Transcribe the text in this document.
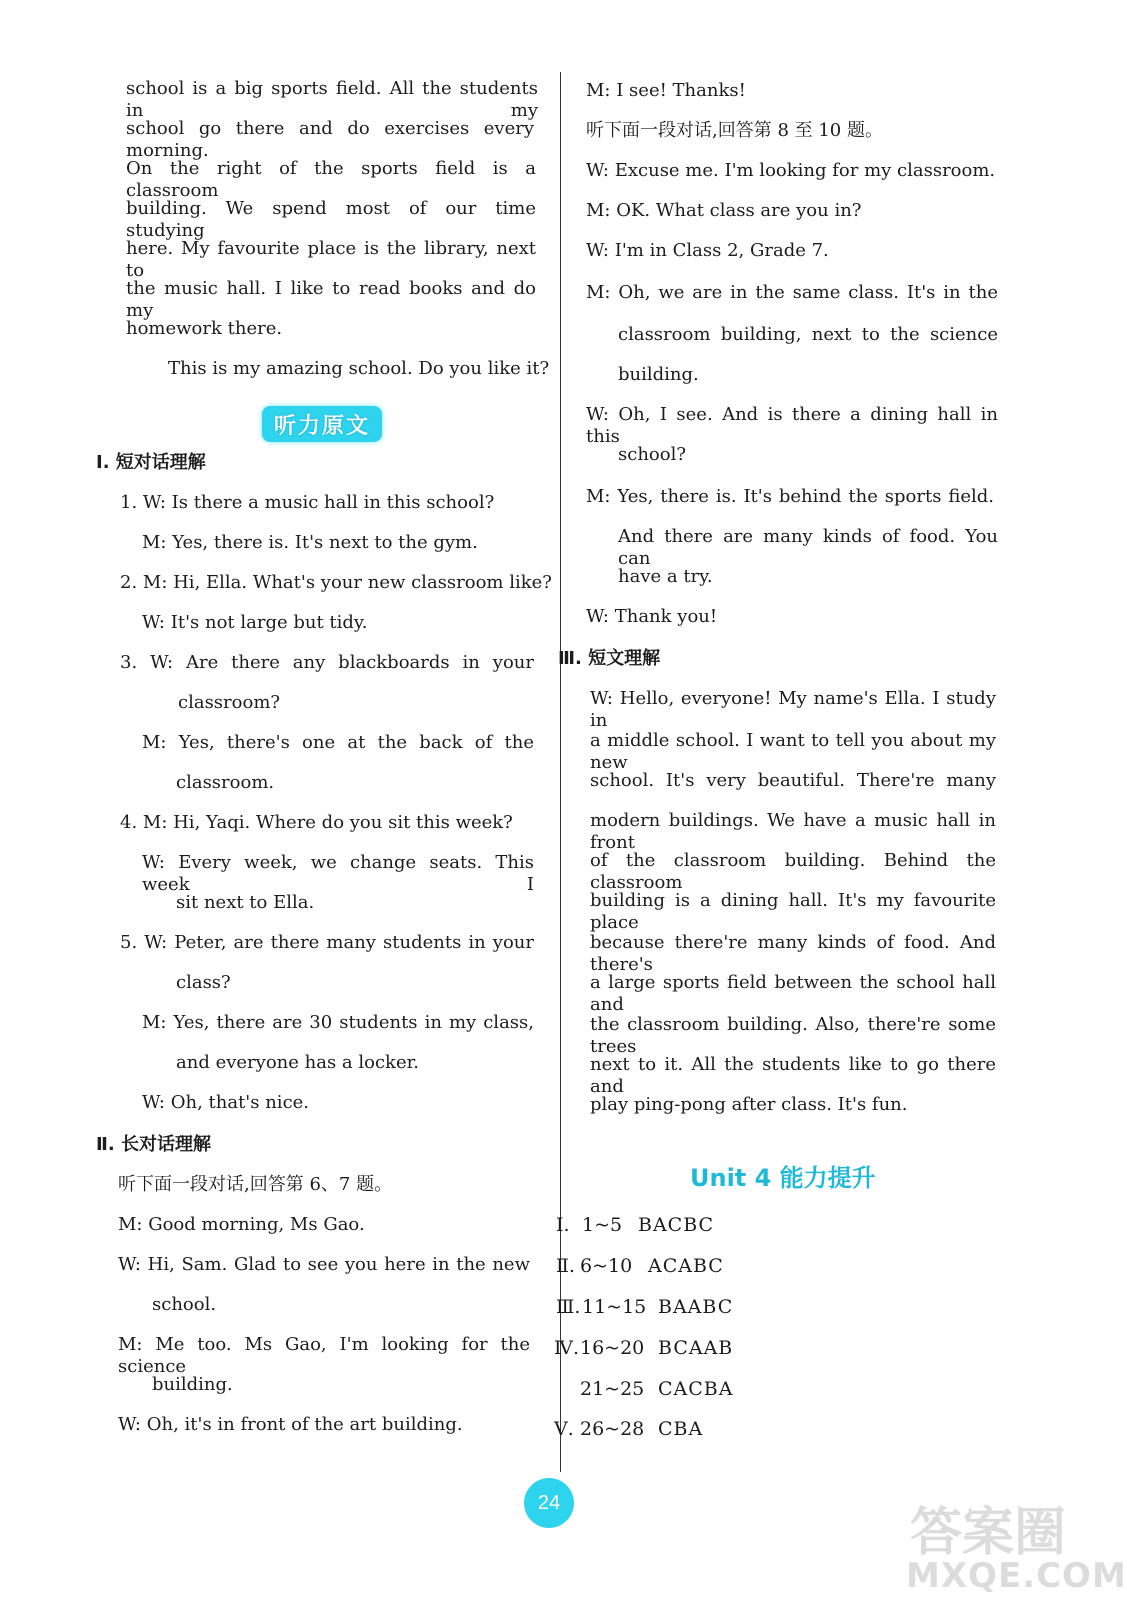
school is a big sports field. All the students in my
school go there and do exercises every morning.
On the right of the sports field is a classroom
building. We spend most of our time studying
here. My favourite place is the library, next to
the music hall. I like to read books and do my
homework there.
This is my amazing school. Do you like it?
听力原文
Ⅰ. 短对话理解
1. W: Is there a music hall in this school?
M: Yes, there is. It's next to the gym.
2. M: Hi, Ella. What's your new classroom like?
W: It's not large but tidy.
3. W: Are there any blackboards in your
classroom?
M: Yes, there's one at the back of the
classroom.
4. M: Hi, Yaqi. Where do you sit this week?
W: Every week, we change seats. This week I
sit next to Ella.
5. W: Peter, are there many students in your
class?
M: Yes, there are 30 students in my class,
and everyone has a locker.
W: Oh, that's nice.
Ⅱ. 长对话理解
听下面一段对话,回答第 6、7 题。
M: Good morning, Ms Gao.
W: Hi, Sam. Glad to see you here in the new
school.
M: Me too. Ms Gao, I'm looking for the science
building.
W: Oh, it's in front of the art building.
M: I see! Thanks!
听下面一段对话,回答第 8 至 10 题。
W: Excuse me. I'm looking for my classroom.
M: OK. What class are you in?
W: I'm in Class 2, Grade 7.
M: Oh, we are in the same class. It's in the
classroom building, next to the science
building.
W: Oh, I see. And is there a dining hall in this
school?
M: Yes, there is. It's behind the sports field.
And there are many kinds of food. You can
have a try.
W: Thank you!
Ⅲ. 短文理解
W: Hello, everyone! My name's Ella. I study in
a middle school. I want to tell you about my new
school. It's very beautiful. There're many
modern buildings. We have a music hall in front
of the classroom building. Behind the classroom
building is a dining hall. It's my favourite place
because there're many kinds of food. And there's
a large sports field between the school hall and
the classroom building. Also, there're some trees
next to it. All the students like to go there and
play ping-pong after class. It's fun.
Unit 4 能力提升
Ⅰ. 1~5 BACBC
Ⅱ. 6~10 ACABC
Ⅲ. 11~15 BAABC
Ⅳ. 16~20 BCAAB
21~25 CACBA
Ⅴ. 26~28 CBA
24
答案圈
MXQE.COM
